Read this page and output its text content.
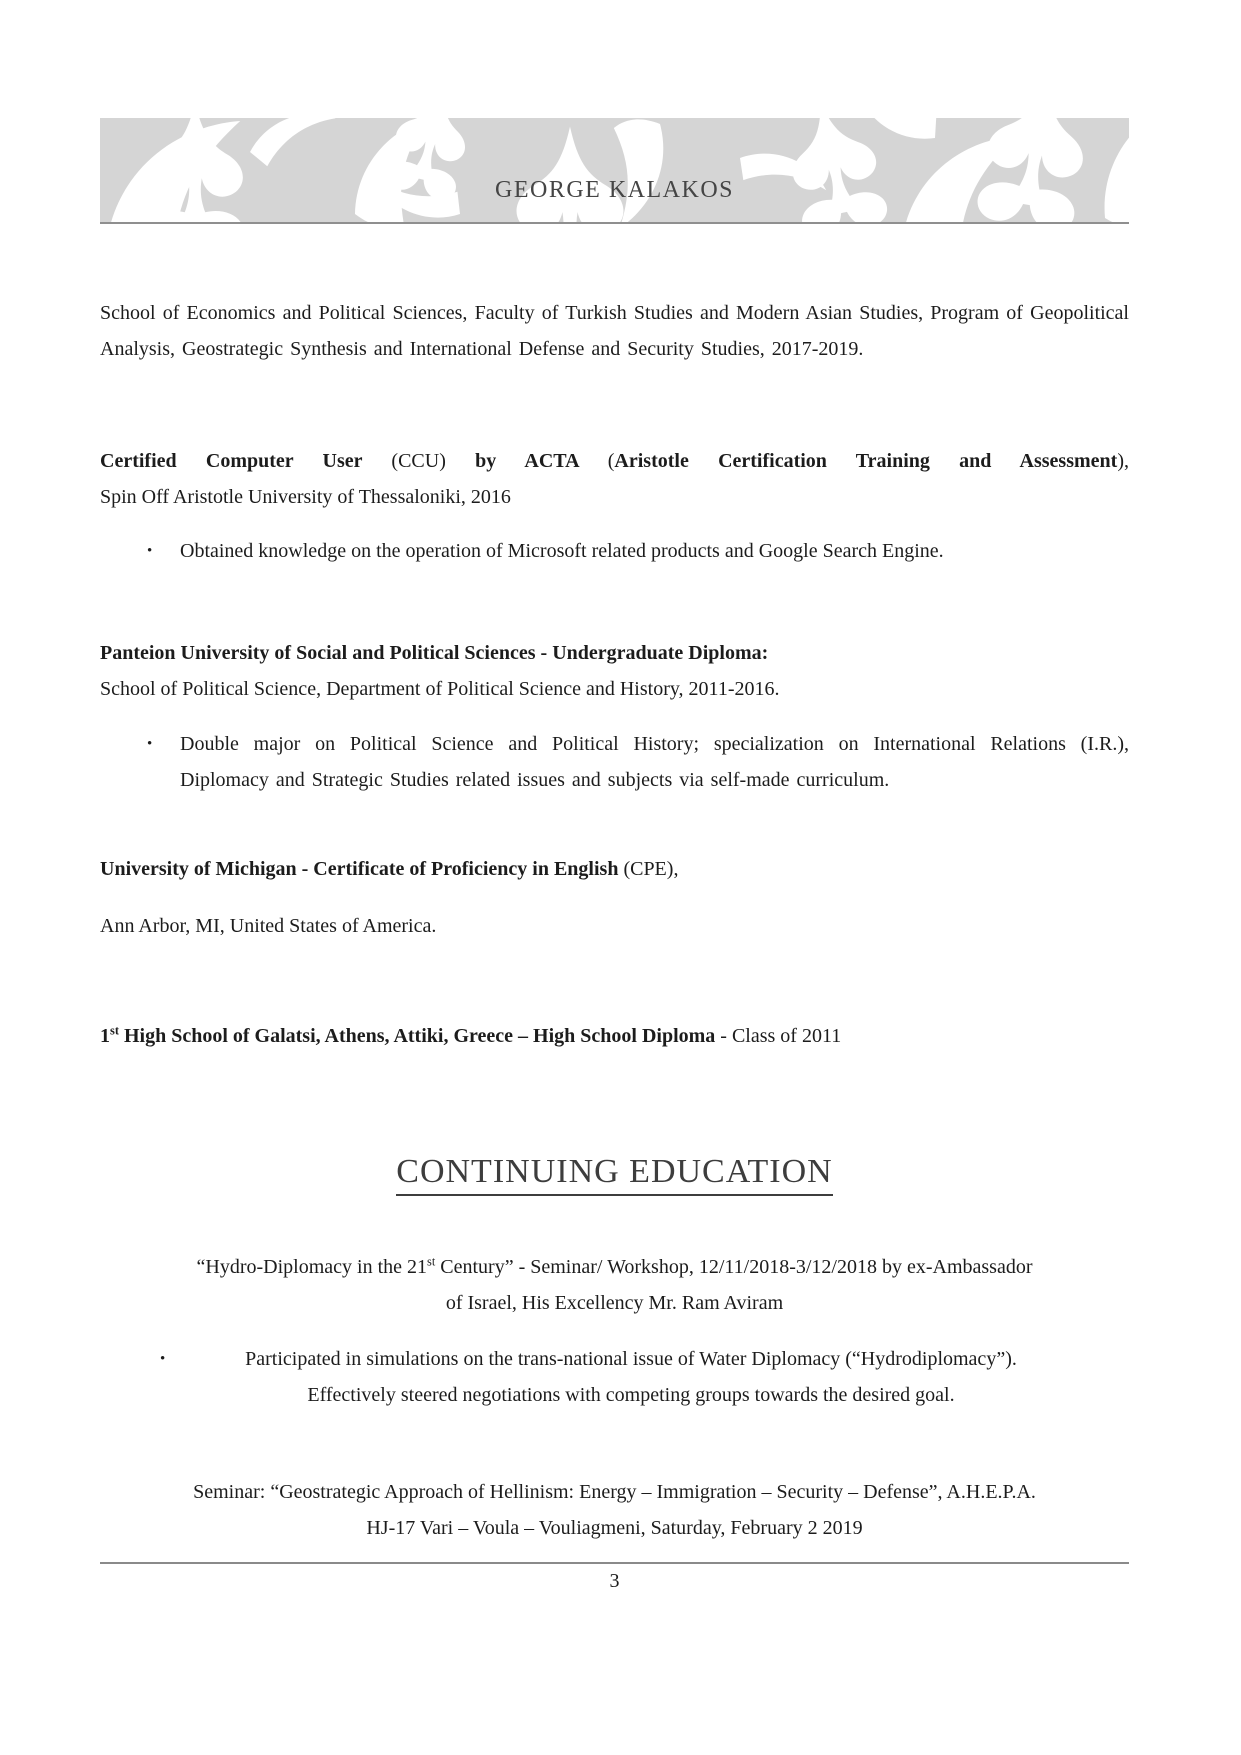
GEORGE KALAKOS

School of Economics and Political Sciences, Faculty of Turkish Studies and Modern Asian Studies, Program of Geopolitical Analysis, Geostrategic Synthesis and International Defense and Security Studies, 2017-2019.

Certified Computer User (CCU) by ACTA (Aristotle Certification Training and Assessment),
Spin Off Aristotle University of Thessaloniki, 2016
•	Obtained knowledge on the operation of Microsoft related products and Google Search Engine.
Panteion University of Social and Political Sciences - Undergraduate Diploma:
School of Political Science, Department of Political Science and History, 2011-2016.
•	Double major on Political Science and Political History; specialization on International Relations (I.R.), Diplomacy and Strategic Studies related issues and subjects via self-made curriculum.
University of Michigan - Certificate of Proficiency in English (CPE),
Ann Arbor, MI, United States of America.
1st High School of Galatsi, Athens, Attiki, Greece – High School Diploma - Class of 2011
CONTINUING EDUCATION
“Hydro-Diplomacy in the 21st Century” - Seminar/ Workshop, 12/11/2018-3/12/2018 by ex-Ambassador
of Israel, His Excellency Mr. Ram Aviram
•	Participated in simulations on the trans-national issue of Water Diplomacy (“Hydrodiplomacy”).
Effectively steered negotiations with competing groups towards the desired goal.
Seminar: “Geostrategic Approach of Hellinism: Energy – Immigration – Security – Defense”, A.H.E.P.A.
HJ-17 Vari – Voula – Vouliagmeni, Saturday, February 2 2019
3
